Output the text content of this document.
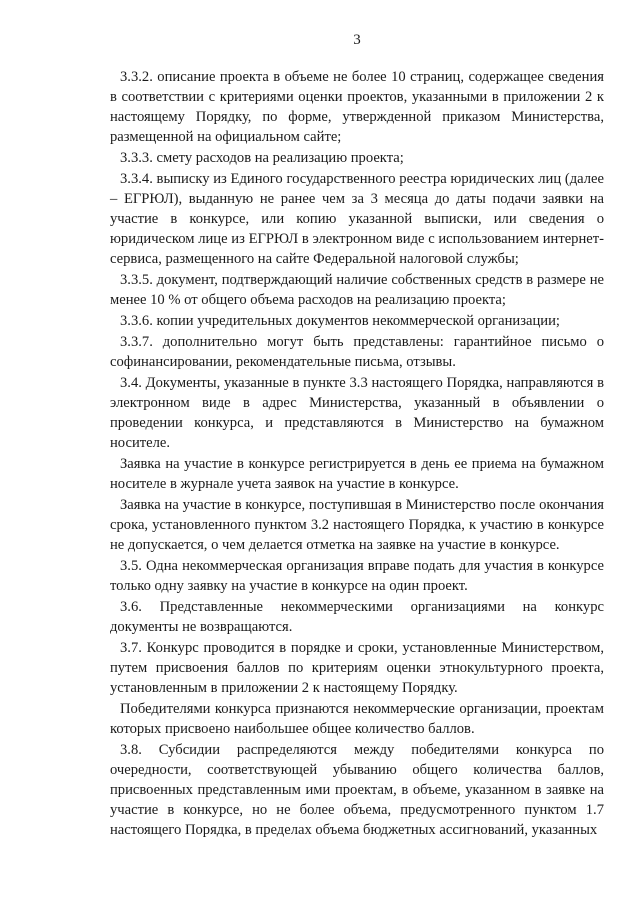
3

3.3.2. описание проекта в объеме не более 10 страниц, содержащее сведения в соответствии с критериями оценки проектов, указанными в приложении 2 к настоящему Порядку, по форме, утвержденной приказом Министерства, размещенной на официальном сайте;

3.3.3. смету расходов на реализацию проекта;

3.3.4. выписку из Единого государственного реестра юридических лиц (далее – ЕГРЮЛ), выданную не ранее чем за 3 месяца до даты подачи заявки на участие в конкурсе, или копию указанной выписки, или сведения о юридическом лице из ЕГРЮЛ в электронном виде с использованием интернет-сервиса, размещенного на сайте Федеральной налоговой службы;

3.3.5. документ, подтверждающий наличие собственных средств в размере не менее 10 % от общего объема расходов на реализацию проекта;

3.3.6. копии учредительных документов некоммерческой организации;

3.3.7. дополнительно могут быть представлены: гарантийное письмо о софинансировании, рекомендательные письма, отзывы.

3.4. Документы, указанные в пункте 3.3 настоящего Порядка, направляются в электронном виде в адрес Министерства, указанный в объявлении о проведении конкурса, и представляются в Министерство на бумажном носителе.

Заявка на участие в конкурсе регистрируется в день ее приема на бумажном носителе в журнале учета заявок на участие в конкурсе.

Заявка на участие в конкурсе, поступившая в Министерство после окончания срока, установленного пунктом 3.2 настоящего Порядка, к участию в конкурсе не допускается, о чем делается отметка на заявке на участие в конкурсе.

3.5. Одна некоммерческая организация вправе подать для участия в конкурсе только одну заявку на участие в конкурсе на один проект.

3.6. Представленные некоммерческими организациями на конкурс документы не возвращаются.

3.7. Конкурс проводится в порядке и сроки, установленные Министерством, путем присвоения баллов по критериям оценки этнокультурного проекта, установленным в приложении 2 к настоящему Порядку.

Победителями конкурса признаются некоммерческие организации, проектам которых присвоено наибольшее общее количество баллов.

3.8. Субсидии распределяются между победителями конкурса по очередности, соответствующей убыванию общего количества баллов, присвоенных представленным ими проектам, в объеме, указанном в заявке на участие в конкурсе, но не более объема, предусмотренного пунктом 1.7 настоящего Порядка, в пределах объема бюджетных ассигнований, указанных
